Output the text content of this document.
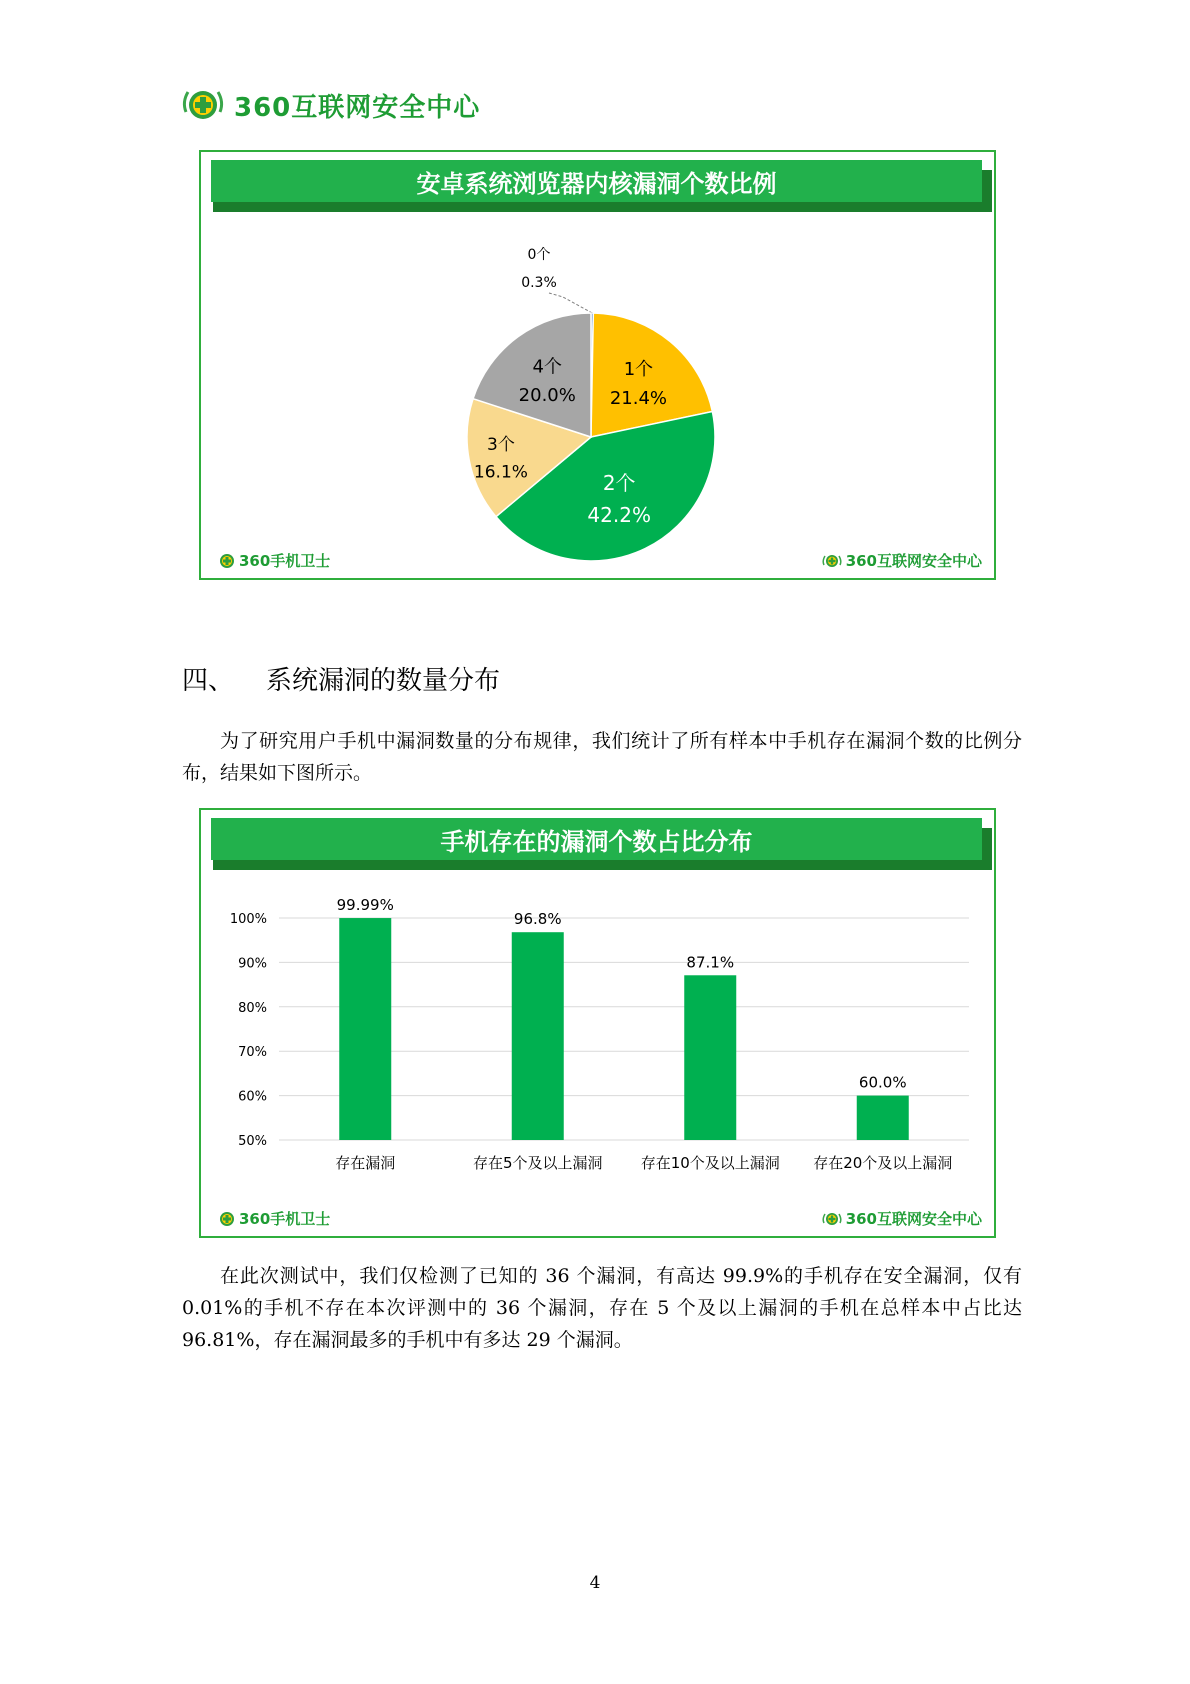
360互联网安全中心
安卓系统浏览器内核漏洞个数比例
0个
0.3%
1个
21.4%
2个
42.2%
3个
16.1%
4个
20.0%
360手机卫士	360互联网安全中心
四、 系统漏洞的数量分布
为了研究用户手机中漏洞数量的分布规律，我们统计了所有样本中手机存在漏洞个数的比例分布，结果如下图所示。
手机存在的漏洞个数占比分布
100%
90%
80%
70%
60%
50%
99.99%
存在漏洞
96.8%
存在5个及以上漏洞
87.1%
存在10个及以上漏洞
60.0%
存在20个及以上漏洞
360手机卫士	360互联网安全中心
在此次测试中，我们仅检测了已知的 36 个漏洞，有高达 99.9%的手机存在安全漏洞，仅有 0.01%的手机不存在本次评测中的 36 个漏洞，存在 5 个及以上漏洞的手机在总样本中占比达 96.81%，存在漏洞最多的手机中有多达 29 个漏洞。
4
